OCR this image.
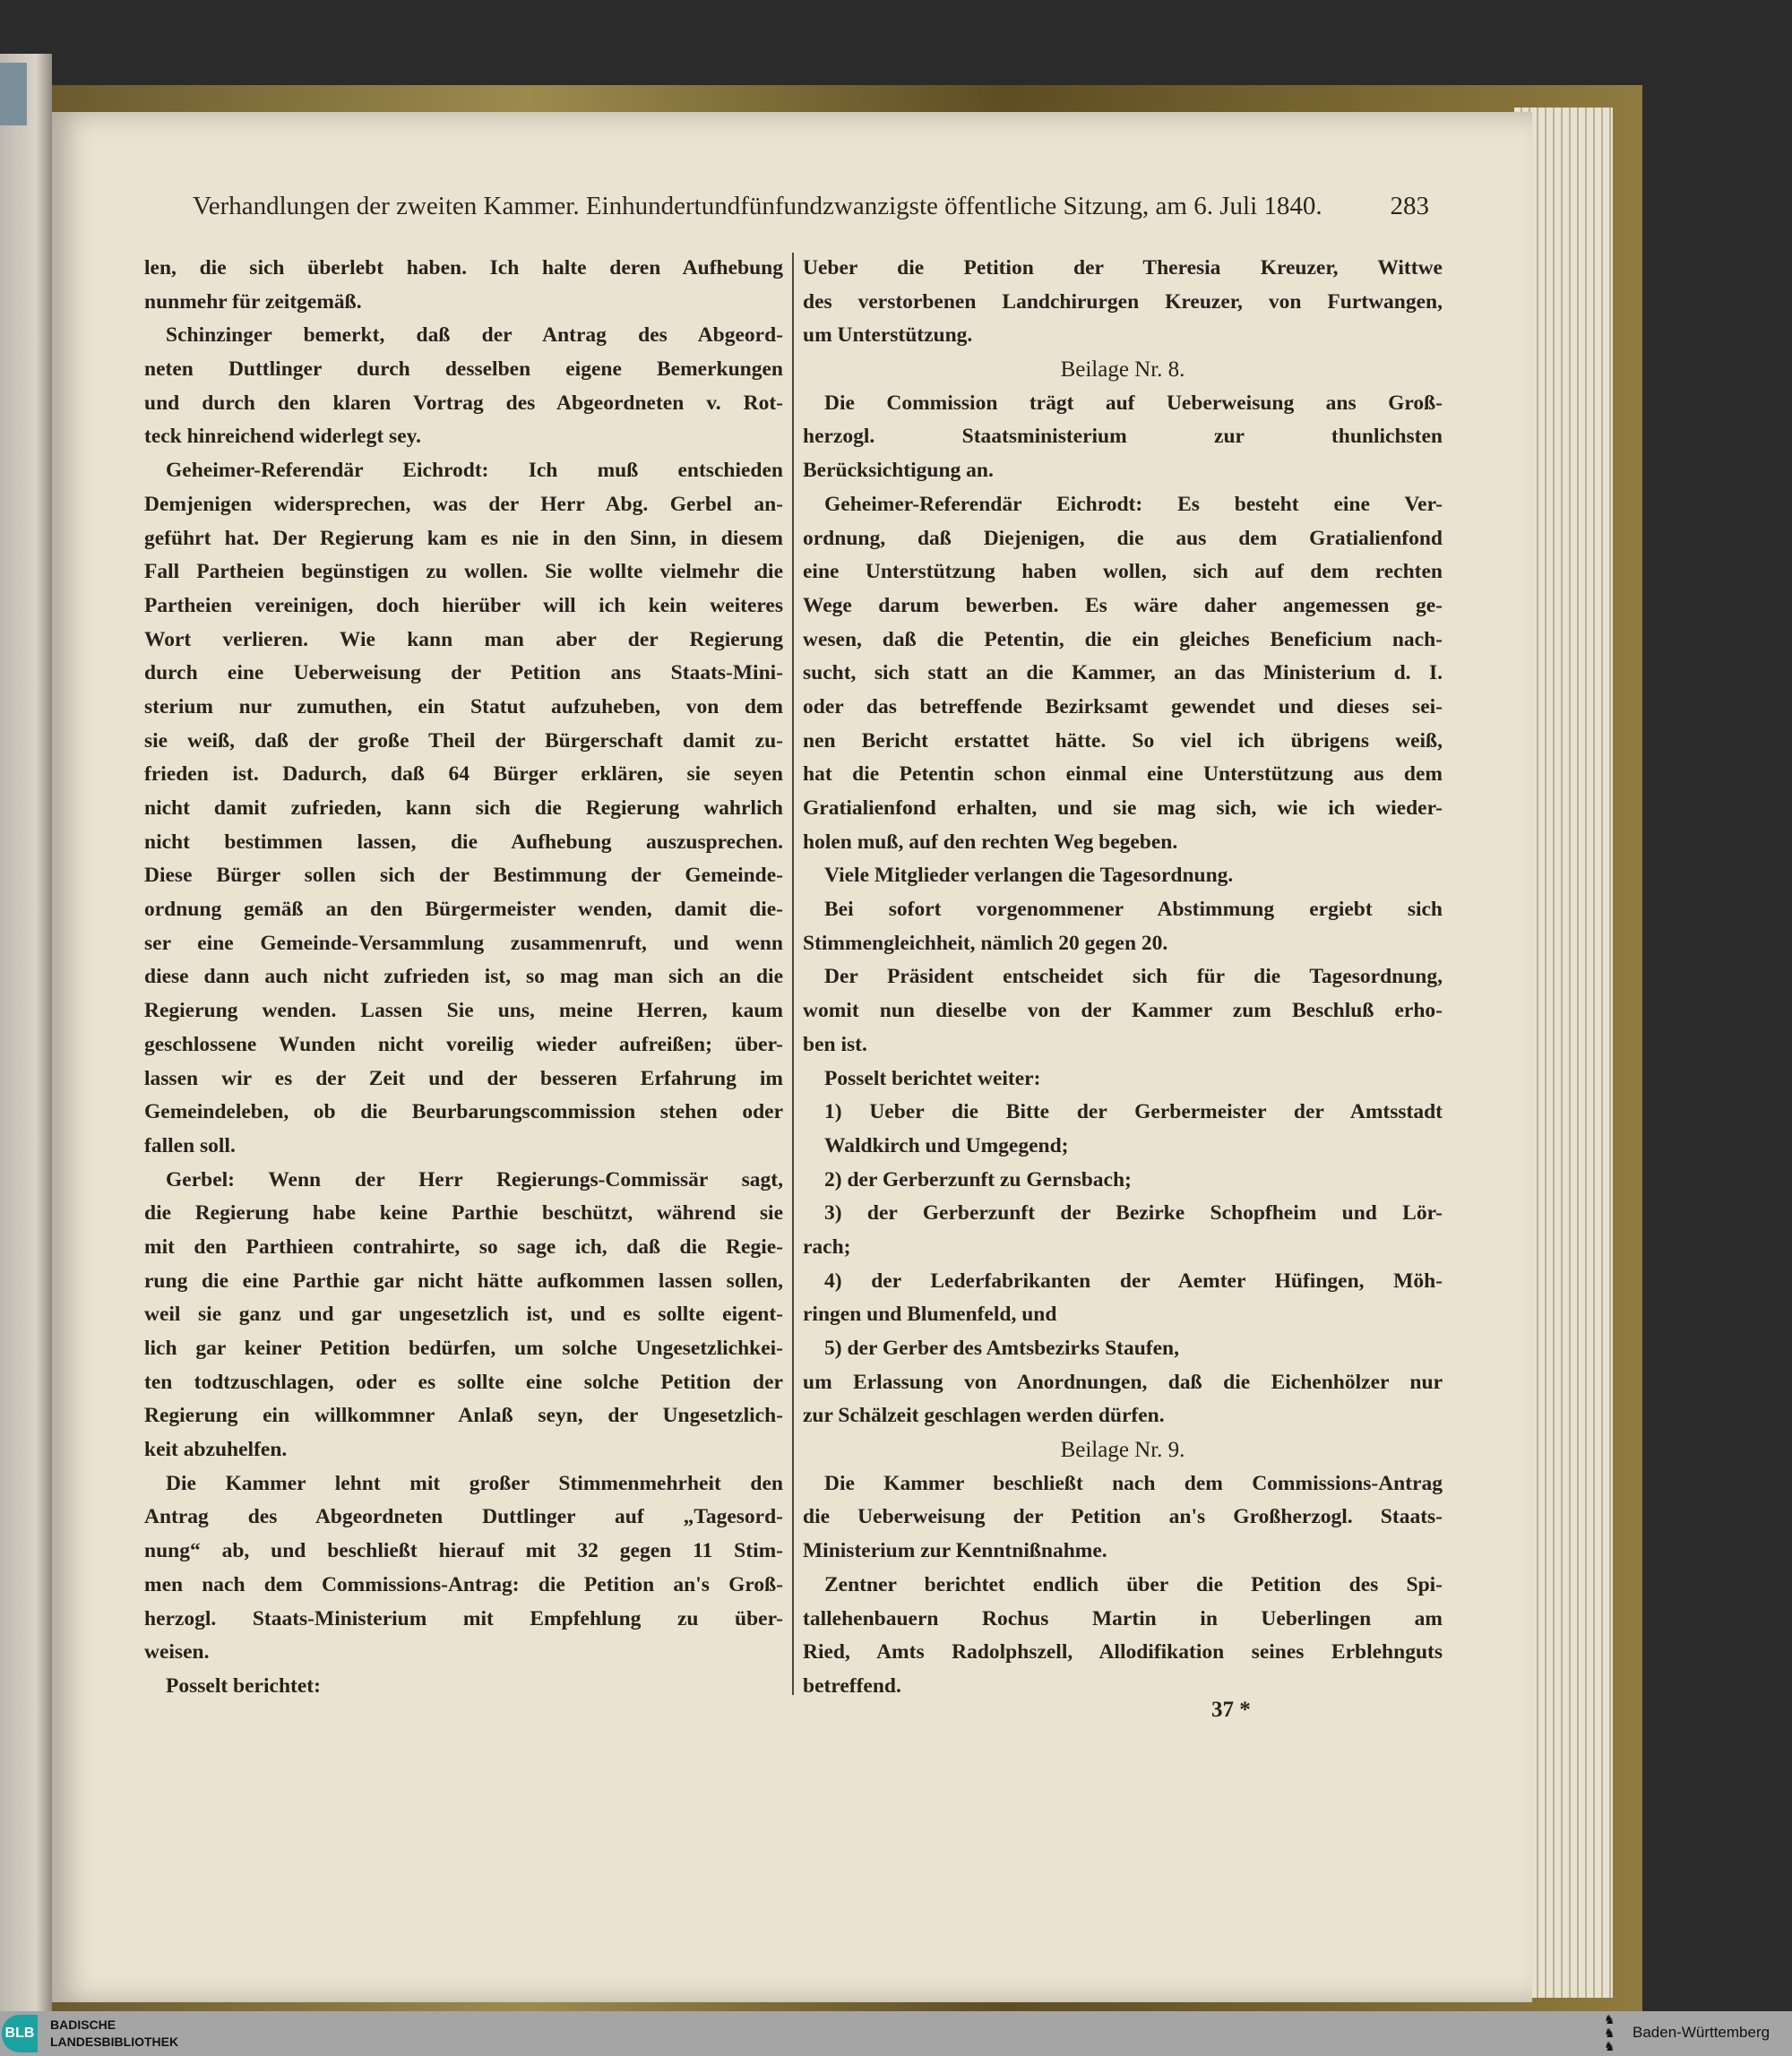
Verhandlungen der zweiten Kammer. Einhundertundfünfundzwanzigste öffentliche Sitzung, am 6. Juli 1840.	283
len, die sich überlebt haben. Ich halte deren Aufhebung
nunmehr für zeitgemäß.
Schinzinger bemerkt, daß der Antrag des Abgeord-
neten Duttlinger durch desselben eigene Bemerkungen
und durch den klaren Vortrag des Abgeordneten v. Rot-
teck hinreichend widerlegt sey.
Geheimer-Referendär Eichrodt: Ich muß entschieden
Demjenigen widersprechen, was der Herr Abg. Gerbel an-
geführt hat. Der Regierung kam es nie in den Sinn, in diesem
Fall Partheien begünstigen zu wollen. Sie wollte vielmehr die
Partheien vereinigen, doch hierüber will ich kein weiteres
Wort verlieren. Wie kann man aber der Regierung
durch eine Ueberweisung der Petition ans Staats-Mini-
sterium nur zumuthen, ein Statut aufzuheben, von dem
sie weiß, daß der große Theil der Bürgerschaft damit zu-
frieden ist. Dadurch, daß 64 Bürger erklären, sie seyen
nicht damit zufrieden, kann sich die Regierung wahrlich
nicht bestimmen lassen, die Aufhebung auszusprechen.
Diese Bürger sollen sich der Bestimmung der Gemeinde-
ordnung gemäß an den Bürgermeister wenden, damit die-
ser eine Gemeinde-Versammlung zusammenruft, und wenn
diese dann auch nicht zufrieden ist, so mag man sich an die
Regierung wenden. Lassen Sie uns, meine Herren, kaum
geschlossene Wunden nicht voreilig wieder aufreißen; über-
lassen wir es der Zeit und der besseren Erfahrung im
Gemeindeleben, ob die Beurbarungscommission stehen oder
fallen soll.
Gerbel: Wenn der Herr Regierungs-Commissär sagt,
die Regierung habe keine Parthie beschützt, während sie
mit den Parthieen contrahirte, so sage ich, daß die Regie-
rung die eine Parthie gar nicht hätte aufkommen lassen sollen,
weil sie ganz und gar ungesetzlich ist, und es sollte eigent-
lich gar keiner Petition bedürfen, um solche Ungesetzlichkei-
ten todtzuschlagen, oder es sollte eine solche Petition der
Regierung ein willkommner Anlaß seyn, der Ungesetzlich-
keit abzuhelfen.
Die Kammer lehnt mit großer Stimmenmehrheit den
Antrag des Abgeordneten Duttlinger auf „Tagesord-
nung“ ab, und beschließt hierauf mit 32 gegen 11 Stim-
men nach dem Commissions-Antrag: die Petition an's Groß-
herzogl. Staats-Ministerium mit Empfehlung zu über-
weisen.
Posselt berichtet:
Ueber die Petition der Theresia Kreuzer, Wittwe
des verstorbenen Landchirurgen Kreuzer, von Furtwangen,
um Unterstützung.
Beilage Nr. 8.
Die Commission trägt auf Ueberweisung ans Groß-
herzogl. Staatsministerium zur thunlichsten
Berücksichtigung an.
Geheimer-Referendär Eichrodt: Es besteht eine Ver-
ordnung, daß Diejenigen, die aus dem Gratialienfond
eine Unterstützung haben wollen, sich auf dem rechten
Wege darum bewerben. Es wäre daher angemessen ge-
wesen, daß die Petentin, die ein gleiches Beneficium nach-
sucht, sich statt an die Kammer, an das Ministerium d. I.
oder das betreffende Bezirksamt gewendet und dieses sei-
nen Bericht erstattet hätte. So viel ich übrigens weiß,
hat die Petentin schon einmal eine Unterstützung aus dem
Gratialienfond erhalten, und sie mag sich, wie ich wieder-
holen muß, auf den rechten Weg begeben.
Viele Mitglieder verlangen die Tagesordnung.
Bei sofort vorgenommener Abstimmung ergiebt sich
Stimmengleichheit, nämlich 20 gegen 20.
Der Präsident entscheidet sich für die Tagesordnung,
womit nun dieselbe von der Kammer zum Beschluß erho-
ben ist.
Posselt berichtet weiter:
1) Ueber die Bitte der Gerbermeister der Amtsstadt
Waldkirch und Umgegend;
2) der Gerberzunft zu Gernsbach;
3) der Gerberzunft der Bezirke Schopfheim und Lör-
rach;
4) der Lederfabrikanten der Aemter Hüfingen, Möh-
ringen und Blumenfeld, und
5) der Gerber des Amtsbezirks Staufen,
um Erlassung von Anordnungen, daß die Eichenhölzer nur
zur Schälzeit geschlagen werden dürfen.
Beilage Nr. 9.
Die Kammer beschließt nach dem Commissions-Antrag
die Ueberweisung der Petition an's Großherzogl. Staats-
Ministerium zur Kenntnißnahme.
Zentner berichtet endlich über die Petition des Spi-
tallehenbauern Rochus Martin in Ueberlingen am
Ried, Amts Radolphszell, Allodifikation seines Erblehnguts
betreffend.
37 *
BLB
BADISCHE
LANDESBIBLIOTHEK
♞
♞
♞
Baden-Württemberg
